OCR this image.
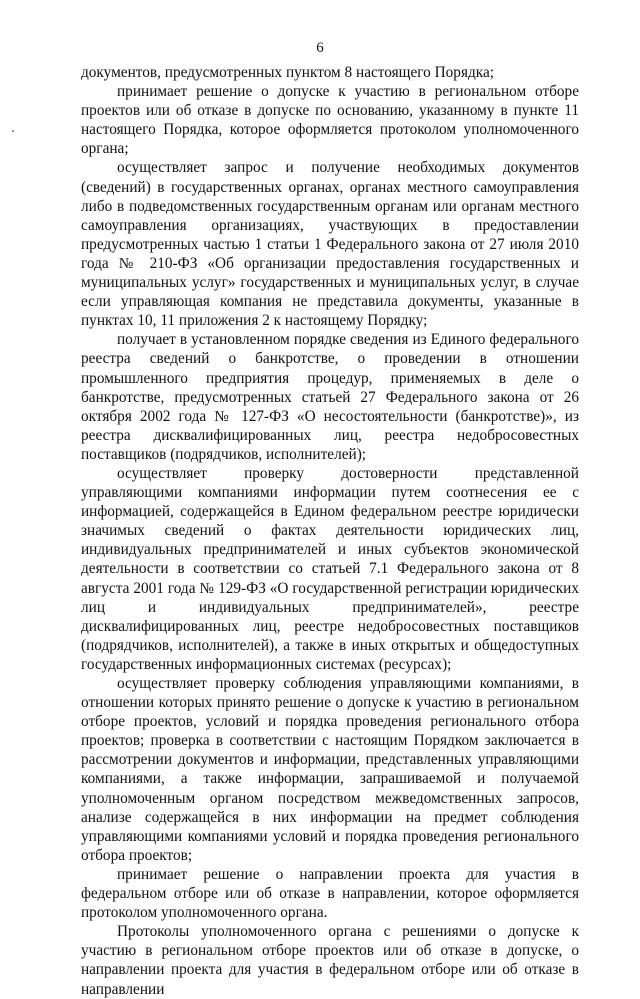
6

документов, предусмотренных пунктом 8 настоящего Порядка;

принимает решение о допуске к участию в региональном отборе проектов или об отказе в допуске по основанию, указанному в пункте 11 настоящего Порядка, которое оформляется протоколом уполномоченного органа;

осуществляет запрос и получение необходимых документов (сведений) в государственных органах, органах местного самоуправления либо в подведомственных государственным органам или органам местного самоуправления организациях, участвующих в предоставлении предусмотренных частью 1 статьи 1 Федерального закона от 27 июля 2010 года № 210-ФЗ «Об организации предоставления государственных и муниципальных услуг» государственных и муниципальных услуг, в случае если управляющая компания не представила документы, указанные в пунктах 10, 11 приложения 2 к настоящему Порядку;

получает в установленном порядке сведения из Единого федерального реестра сведений о банкротстве, о проведении в отношении промышленного предприятия процедур, применяемых в деле о банкротстве, предусмотренных статьей 27 Федерального закона от 26 октября 2002 года № 127-ФЗ «О несостоятельности (банкротстве)», из реестра дисквалифицированных лиц, реестра недобросовестных поставщиков (подрядчиков, исполнителей);

осуществляет проверку достоверности представленной управляющими компаниями информации путем соотнесения ее с информацией, содержащейся в Едином федеральном реестре юридически значимых сведений о фактах деятельности юридических лиц, индивидуальных предпринимателей и иных субъектов экономической деятельности в соответствии со статьей 7.1 Федерального закона от 8 августа 2001 года № 129-ФЗ «О государственной регистрации юридических лиц и индивидуальных предпринимателей», реестре дисквалифицированных лиц, реестре недобросовестных поставщиков (подрядчиков, исполнителей), а также в иных открытых и общедоступных государственных информационных системах (ресурсах);

осуществляет проверку соблюдения управляющими компаниями, в отношении которых принято решение о допуске к участию в региональном отборе проектов, условий и порядка проведения регионального отбора проектов; проверка в соответствии с настоящим Порядком заключается в рассмотрении документов и информации, представленных управляющими компаниями, а также информации, запрашиваемой и получаемой уполномоченным органом посредством межведомственных запросов, анализе содержащейся в них информации на предмет соблюдения управляющими компаниями условий и порядка проведения регионального отбора проектов;

принимает решение о направлении проекта для участия в федеральном отборе или об отказе в направлении, которое оформляется протоколом уполномоченного органа.

Протоколы уполномоченного органа с решениями о допуске к участию в региональном отборе проектов или об отказе в допуске, о направлении проекта для участия в федеральном отборе или об отказе в направлении
